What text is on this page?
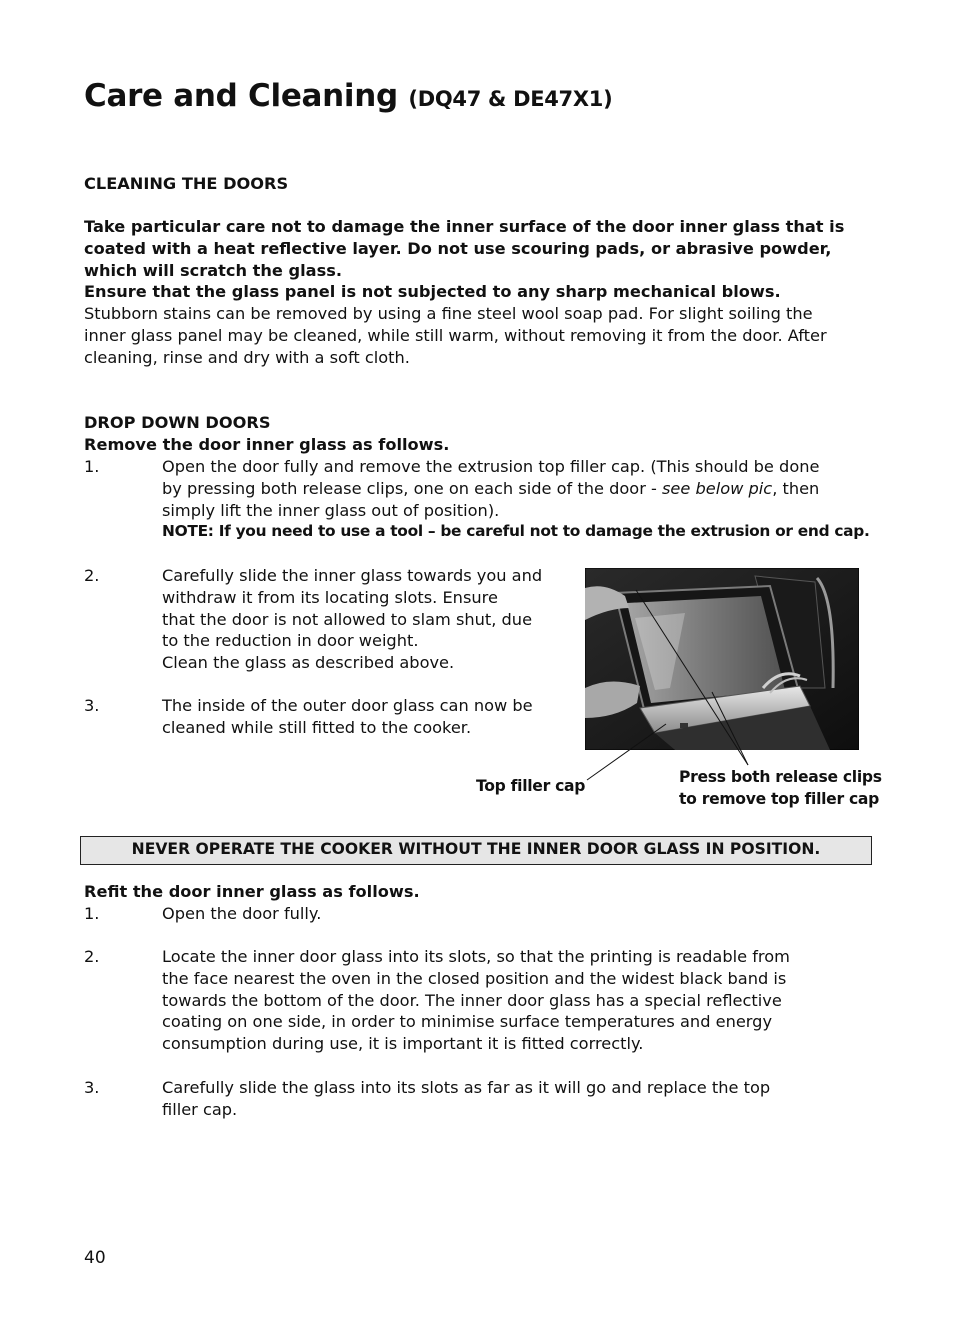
Care and Cleaning (DQ47 & DE47X1)
CLEANING THE DOORS
Take particular care not to damage the inner surface of the door inner glass that is
coated with a heat reflective layer. Do not use scouring pads, or abrasive powder,
which will scratch the glass.
Ensure that the glass panel is not subjected to any sharp mechanical blows.
Stubborn stains can be removed by using a fine steel wool soap pad. For slight soiling the
inner glass panel may be cleaned, while still warm, without removing it from the door. After
cleaning, rinse and dry with a soft cloth.
DROP DOWN DOORS
Remove the door inner glass as follows.
1.	Open the door fully and remove the extrusion top filler cap. (This should be done
by pressing both release clips, one on each side of the door - see below pic, then
simply lift the inner glass out of position).
NOTE: If you need to use a tool – be careful not to damage the extrusion or end cap.
2.	Carefully slide the inner glass towards you and
withdraw it from its locating slots. Ensure
that the door is not allowed to slam shut, due
to the reduction in door weight.
Clean the glass as described above.
3.	The inside of the outer door glass can now be
cleaned while still fitted to the cooker.
Top filler cap	Press both release clips
to remove top filler cap
NEVER OPERATE THE COOKER WITHOUT THE INNER DOOR GLASS IN POSITION.
Refit the door inner glass as follows.
1.	Open the door fully.
2.	Locate the inner door glass into its slots, so that the printing is readable from
the face nearest the oven in the closed position and the widest black band is
towards the bottom of the door. The inner door glass has a special reflective
coating on one side, in order to minimise surface temperatures and energy
consumption during use, it is important it is fitted correctly.
3.	Carefully slide the glass into its slots as far as it will go and replace the top
filler cap.
40
